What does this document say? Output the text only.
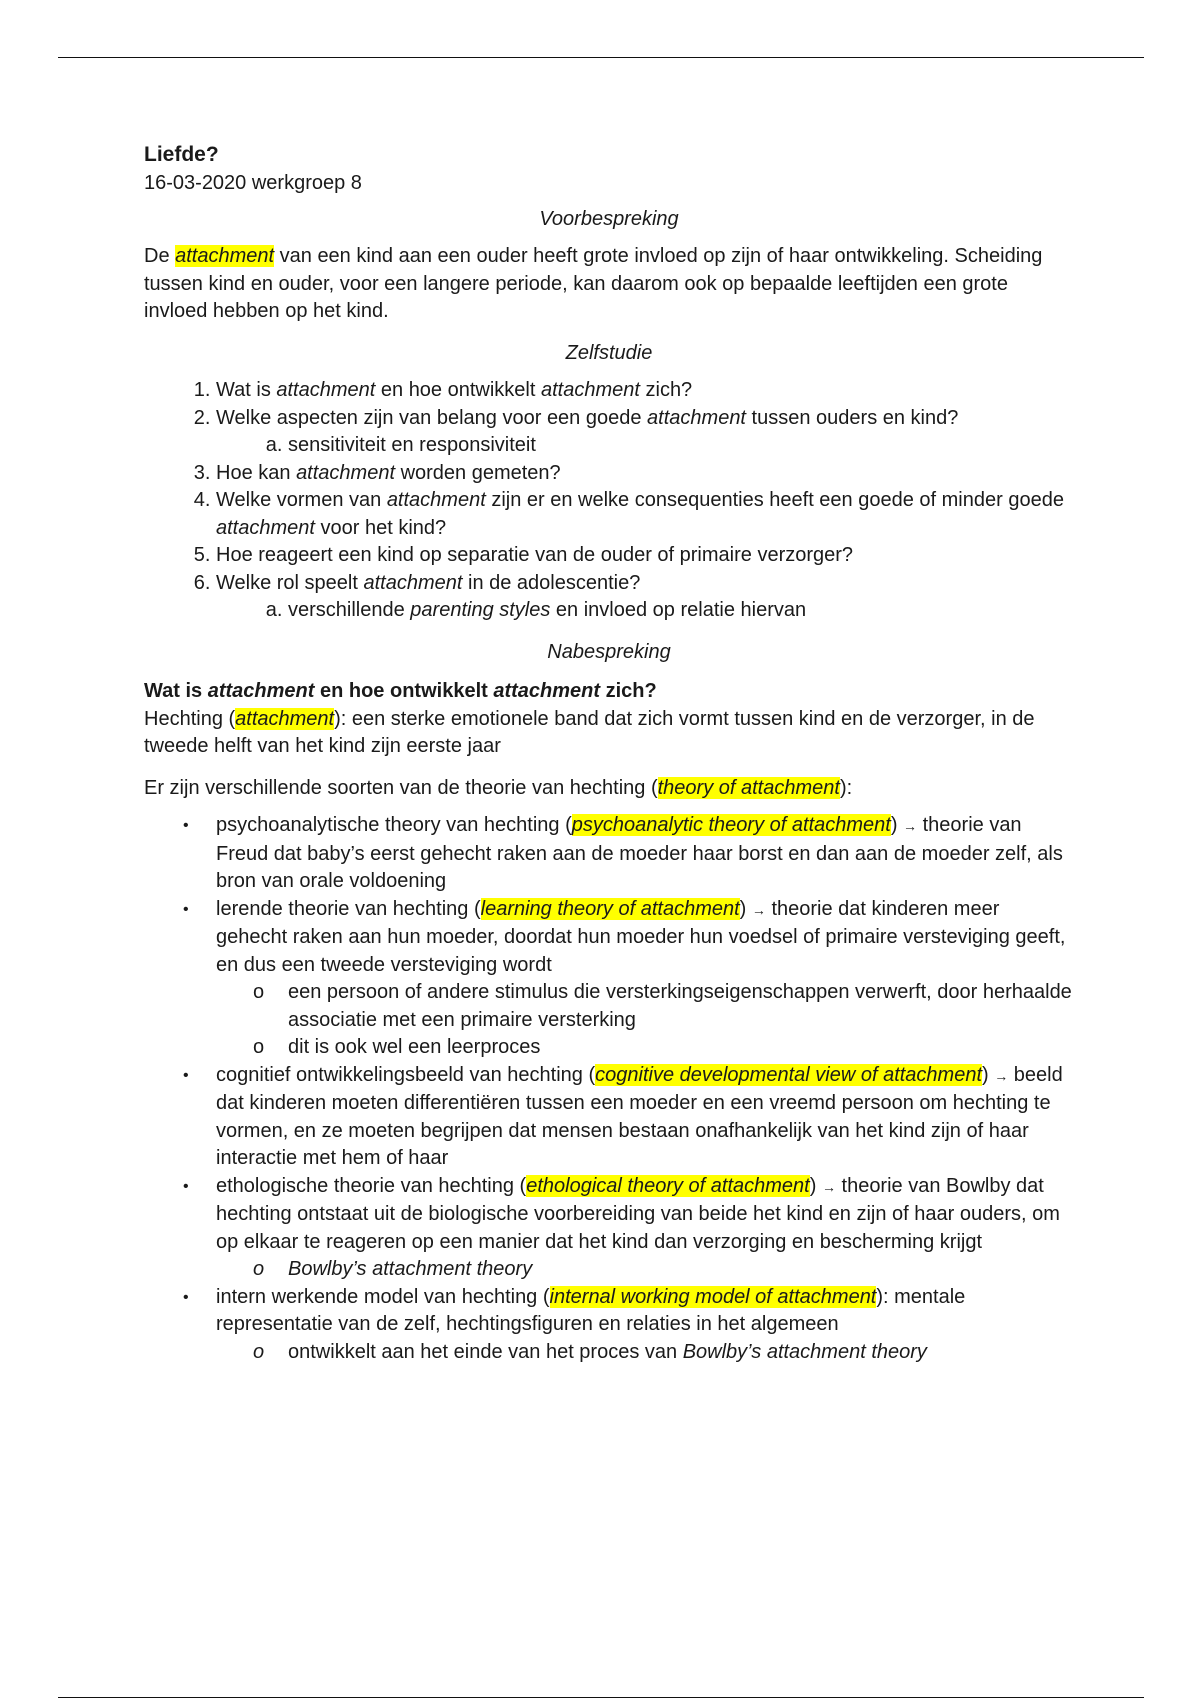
Liefde?

16-03-2020 werkgroep 8

Voorbespreking

De attachment van een kind aan een ouder heeft grote invloed op zijn of haar ontwikkeling. Scheiding tussen kind en ouder, voor een langere periode, kan daarom ook op bepaalde leeftijden een grote invloed hebben op het kind.

Zelfstudie

1. Wat is attachment en hoe ontwikkelt attachment zich?
2. Welke aspecten zijn van belang voor een goede attachment tussen ouders en kind?
a. sensitiviteit en responsiviteit
3. Hoe kan attachment worden gemeten?
4. Welke vormen van attachment zijn er en welke consequenties heeft een goede of minder goede attachment voor het kind?
5. Hoe reageert een kind op separatie van de ouder of primaire verzorger?
6. Welke rol speelt attachment in de adolescentie?
a. verschillende parenting styles en invloed op relatie hiervan

Nabespreking

Wat is attachment en hoe ontwikkelt attachment zich?

Hechting (attachment): een sterke emotionele band dat zich vormt tussen kind en de verzorger, in de tweede helft van het kind zijn eerste jaar

Er zijn verschillende soorten van de theorie van hechting (theory of attachment):

• psychoanalytische theory van hechting (psychoanalytic theory of attachment) → theorie van Freud dat baby’s eerst gehecht raken aan de moeder haar borst en dan aan de moeder zelf, als bron van orale voldoening
• lerende theorie van hechting (learning theory of attachment) → theorie dat kinderen meer gehecht raken aan hun moeder, doordat hun moeder hun voedsel of primaire versteviging geeft, en dus een tweede versteviging wordt
o een persoon of andere stimulus die versterkingseigenschappen verwerft, door herhaalde associatie met een primaire versterking
o dit is ook wel een leerproces
• cognitief ontwikkelingsbeeld van hechting (cognitive developmental view of attachment) → beeld dat kinderen moeten differentiëren tussen een moeder en een vreemd persoon om hechting te vormen, en ze moeten begrijpen dat mensen bestaan onafhankelijk van het kind zijn of haar interactie met hem of haar
• ethologische theorie van hechting (ethological theory of attachment) → theorie van Bowlby dat hechting ontstaat uit de biologische voorbereiding van beide het kind en zijn of haar ouders, om op elkaar te reageren op een manier dat het kind dan verzorging en bescherming krijgt
o Bowlby’s attachment theory
• intern werkende model van hechting (internal working model of attachment): mentale representatie van de zelf, hechtingsfiguren en relaties in het algemeen
o ontwikkelt aan het einde van het proces van Bowlby’s attachment theory
